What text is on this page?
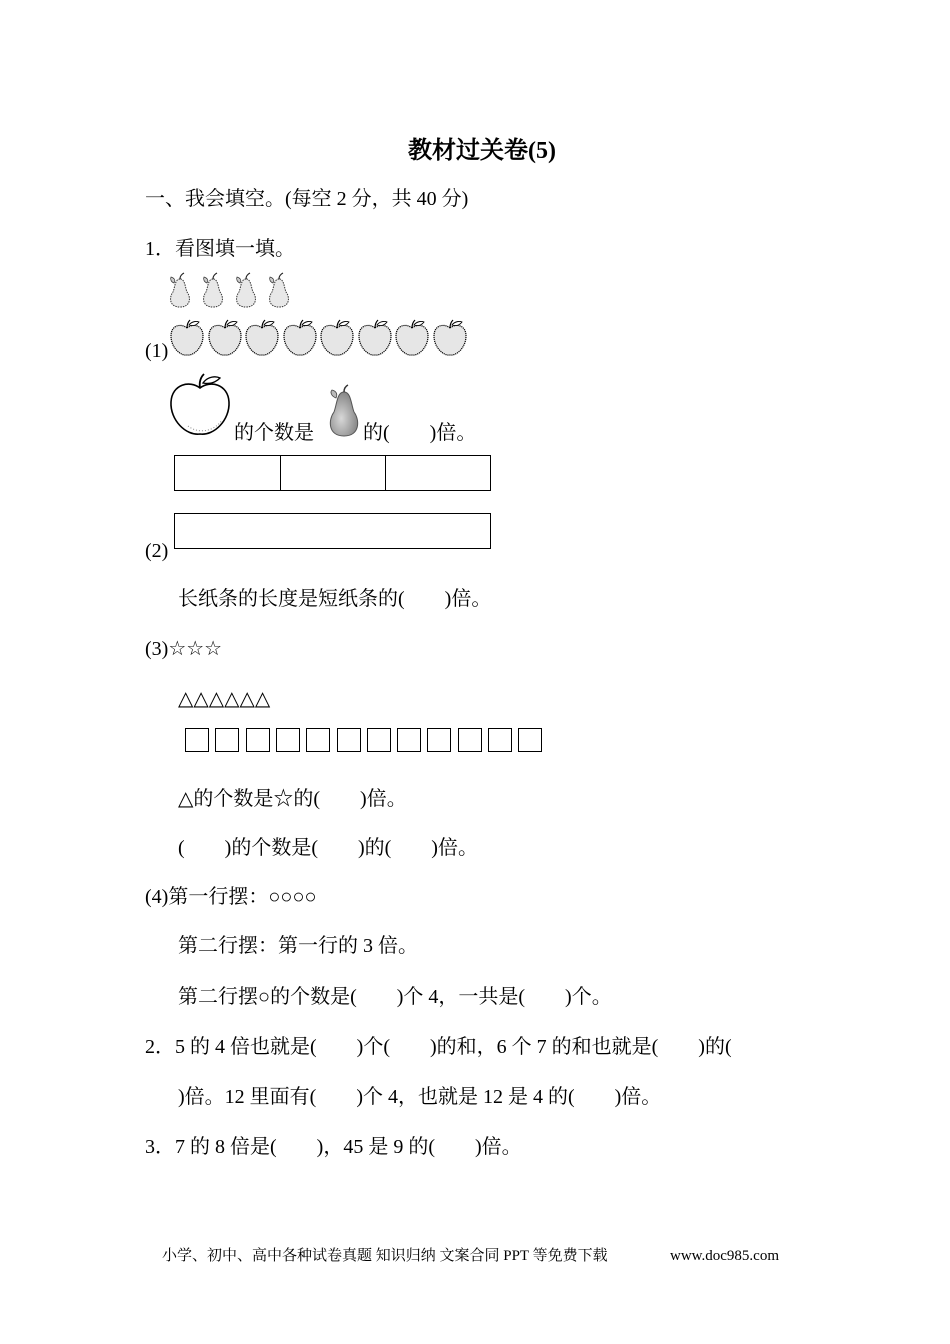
教材过关卷(5)
一、我会填空。(每空 2 分，共 40 分)
1．看图填一填。
(1)
的个数是 的(　　)倍。
(2)
长纸条的长度是短纸条的(　　)倍。
(3)☆☆☆
△△△△△△
△的个数是☆的(　　)倍。
(　　)的个数是(　　)的(　　)倍。
(4)第一行摆：○○○○
第二行摆：第一行的 3 倍。
第二行摆○的个数是(　　)个 4，一共是(　　)个。
2．5 的 4 倍也就是(　　)个(　　)的和，6 个 7 的和也就是(　　)的(
)倍。12 里面有(　　)个 4，也就是 12 是 4 的(　　)倍。
3．7 的 8 倍是(　　)，45 是 9 的(　　)倍。
小学、初中、高中各种试卷真题 知识归纳 文案合同 PPT 等免费下载	www.doc985.com
